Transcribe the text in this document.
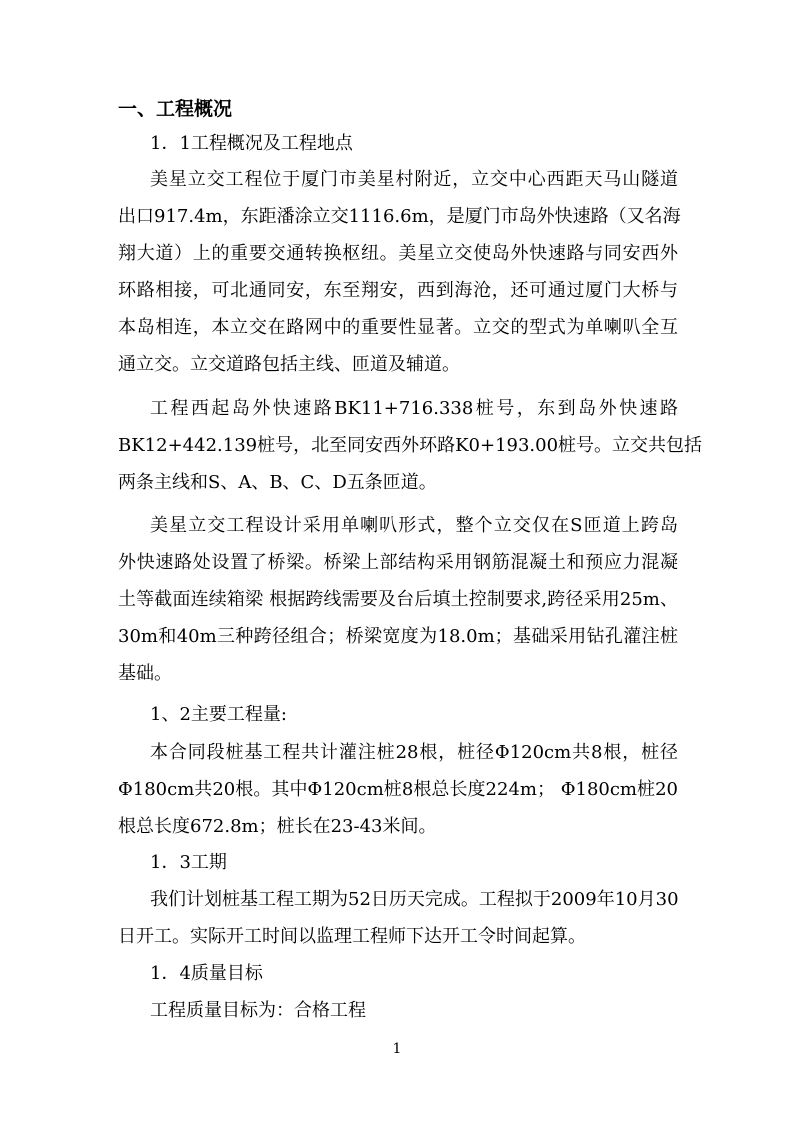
一、工程概况
1．1工程概况及工程地点
美星立交工程位于厦门市美星村附近，立交中心西距天马山隧道
出口917.4m，东距潘涂立交1116.6m，是厦门市岛外快速路（又名海
翔大道）上的重要交通转换枢纽。美星立交使岛外快速路与同安西外
环路相接，可北通同安，东至翔安，西到海沧，还可通过厦门大桥与
本岛相连，本立交在路网中的重要性显著。立交的型式为单喇叭全互
通立交。立交道路包括主线、匝道及辅道。
工程西起岛外快速路BK11+716.338桩号，东到岛外快速路
BK12+442.139桩号，北至同安西外环路K0+193.00桩号。立交共包括
两条主线和S、A、B、C、D五条匝道。
美星立交工程设计采用单喇叭形式，整个立交仅在S匝道上跨岛
外快速路处设置了桥梁。桥梁上部结构采用钢筋混凝土和预应力混凝
土等截面连续箱梁 根据跨线需要及台后填土控制要求,跨径采用25m、
30m和40m三种跨径组合；桥梁宽度为18.0m；基础采用钻孔灌注桩
基础。
1、2主要工程量:
本合同段桩基工程共计灌注桩28根，桩径Φ120cm共8根，桩径
Φ180cm共20根。其中Φ120cm桩8根总长度224m； Φ180cm桩20
根总长度672.8m；桩长在23-43米间。
1．3工期
我们计划桩基工程工期为52日历天完成。工程拟于2009年10月30
日开工。实际开工时间以监理工程师下达开工令时间起算。
1．4质量目标
工程质量目标为：合格工程
1
